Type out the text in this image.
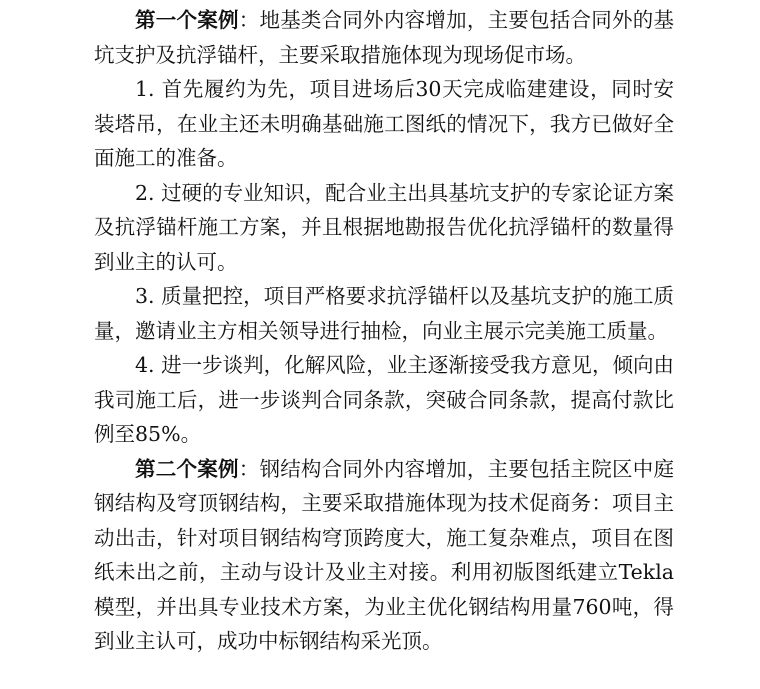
第一个案例：地基类合同外内容增加，主要包括合同外的基坑支护及抗浮锚杆，主要采取措施体现为现场促市场。

1. 首先履约为先，项目进场后30天完成临建建设，同时安装塔吊，在业主还未明确基础施工图纸的情况下，我方已做好全面施工的准备。

2. 过硬的专业知识，配合业主出具基坑支护的专家论证方案及抗浮锚杆施工方案，并且根据地勘报告优化抗浮锚杆的数量得到业主的认可。

3. 质量把控，项目严格要求抗浮锚杆以及基坑支护的施工质量，邀请业主方相关领导进行抽检，向业主展示完美施工质量。

4. 进一步谈判，化解风险，业主逐渐接受我方意见，倾向由我司施工后，进一步谈判合同条款，突破合同条款，提高付款比例至85%。

第二个案例：钢结构合同外内容增加，主要包括主院区中庭钢结构及穹顶钢结构，主要采取措施体现为技术促商务：项目主动出击，针对项目钢结构穹顶跨度大，施工复杂难点，项目在图纸未出之前，主动与设计及业主对接。利用初版图纸建立Tekla模型，并出具专业技术方案，为业主优化钢结构用量760吨，得到业主认可，成功中标钢结构采光顶。
